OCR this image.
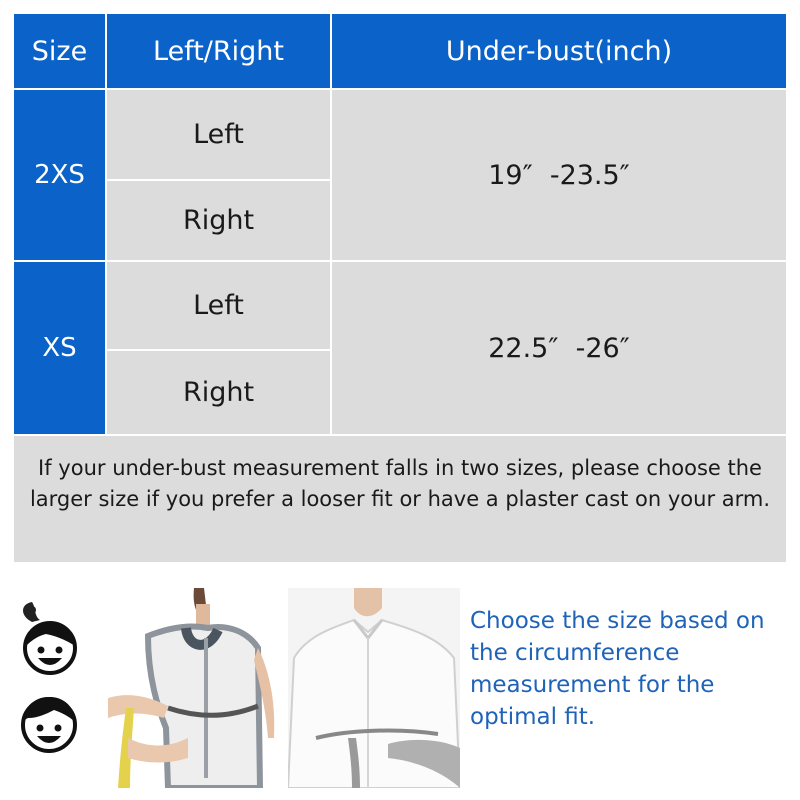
Size	Left/Right	Under-bust(inch)
2XS
Left
Right
19″  -23.5″
XS
Left
Right
22.5″  -26″
If your under-bust measurement falls in two sizes, please choose the larger size if you prefer a looser fit or have a plaster cast on your arm.
Choose the size based on the circumference measurement for the optimal fit.
